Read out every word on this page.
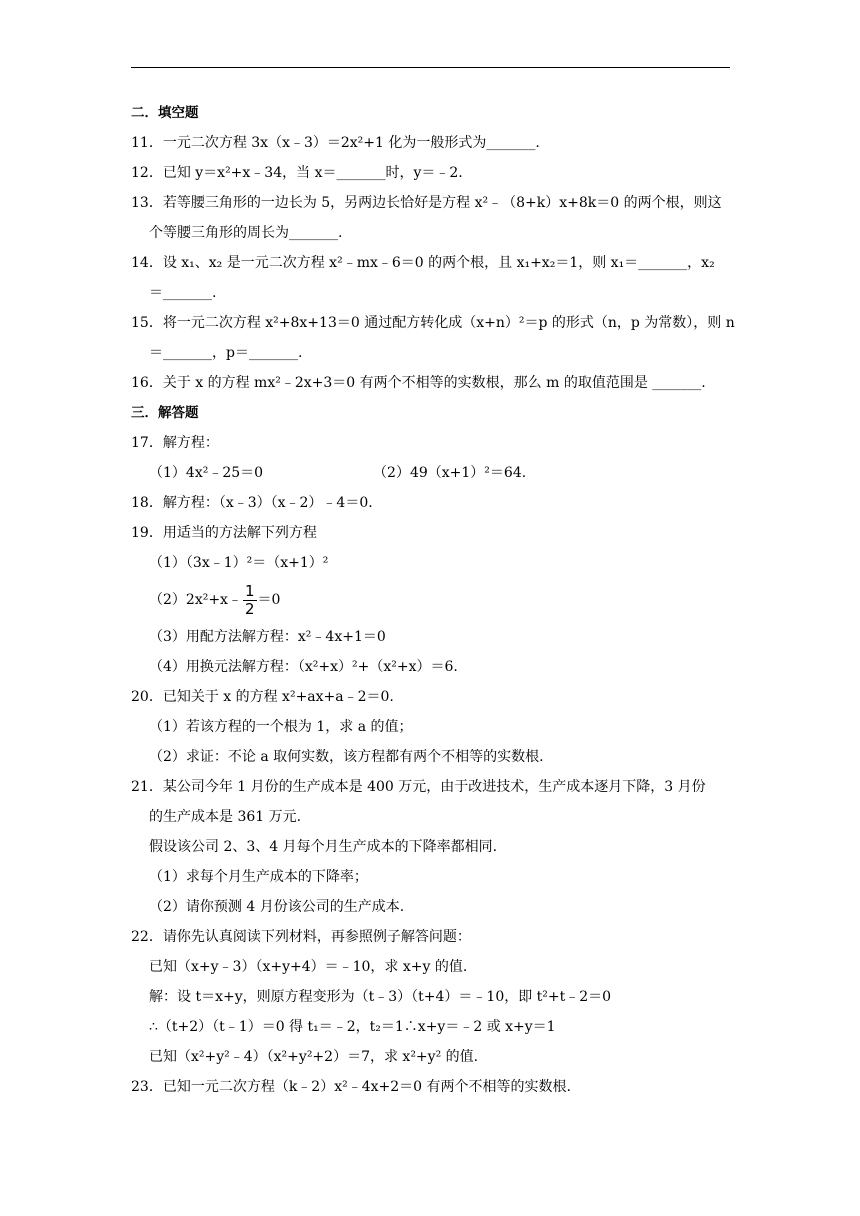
二．填空题
11．一元二次方程 3x（x﹣3）＝2x²+1 化为一般形式为_______.
12．已知 y＝x²+x﹣34，当 x＝_______时，y＝﹣2.
13．若等腰三角形的一边长为 5，另两边长恰好是方程 x²﹣（8+k）x+8k＝0 的两个根，则这
个等腰三角形的周长为_______.
14．设 x₁、x₂ 是一元二次方程 x²﹣mx﹣6＝0 的两个根，且 x₁+x₂＝1，则 x₁＝_______，x₂
＝_______.
15．将一元二次方程 x²+8x+13＝0 通过配方转化成（x+n）²＝p 的形式（n，p 为常数），则 n
＝_______，p＝_______.
16．关于 x 的方程 mx²﹣2x+3＝0 有两个不相等的实数根，那么 m 的取值范围是 _______.
三．解答题
17．解方程：
（1）4x²﹣25＝0	（2）49（x+1）²＝64.
18．解方程：（x﹣3）（x﹣2）﹣4＝0.
19．用适当的方法解下列方程
（1）（3x﹣1）²＝（x+1）²
（2）2x²+x﹣ $\frac{1}{2} =0$
（3）用配方法解方程：x²﹣4x+1＝0
（4）用换元法解方程：（x²+x）²+（x²+x）＝6.
20．已知关于 x 的方程 x²+ax+a﹣2＝0.
（1）若该方程的一个根为 1，求 a 的值；
（2）求证：不论 a 取何实数，该方程都有两个不相等的实数根.
21．某公司今年 1 月份的生产成本是 400 万元，由于改进技术，生产成本逐月下降，3 月份
的生产成本是 361 万元.
假设该公司 2、3、4 月每个月生产成本的下降率都相同.
（1）求每个月生产成本的下降率；
（2）请你预测 4 月份该公司的生产成本.
22．请你先认真阅读下列材料，再参照例子解答问题：
已知（x+y﹣3）（x+y+4）＝﹣10，求 x+y 的值.
解：设 t＝x+y，则原方程变形为（t﹣3）（t+4）＝﹣10，即 t²+t﹣2＝0
∴（t+2）（t﹣1）＝0 得 t₁＝﹣2，t₂＝1∴x+y＝﹣2 或 x+y＝1
已知（x²+y²﹣4）（x²+y²+2）＝7，求 x²+y² 的值.
23．已知一元二次方程（k﹣2）x²﹣4x+2＝0 有两个不相等的实数根.
